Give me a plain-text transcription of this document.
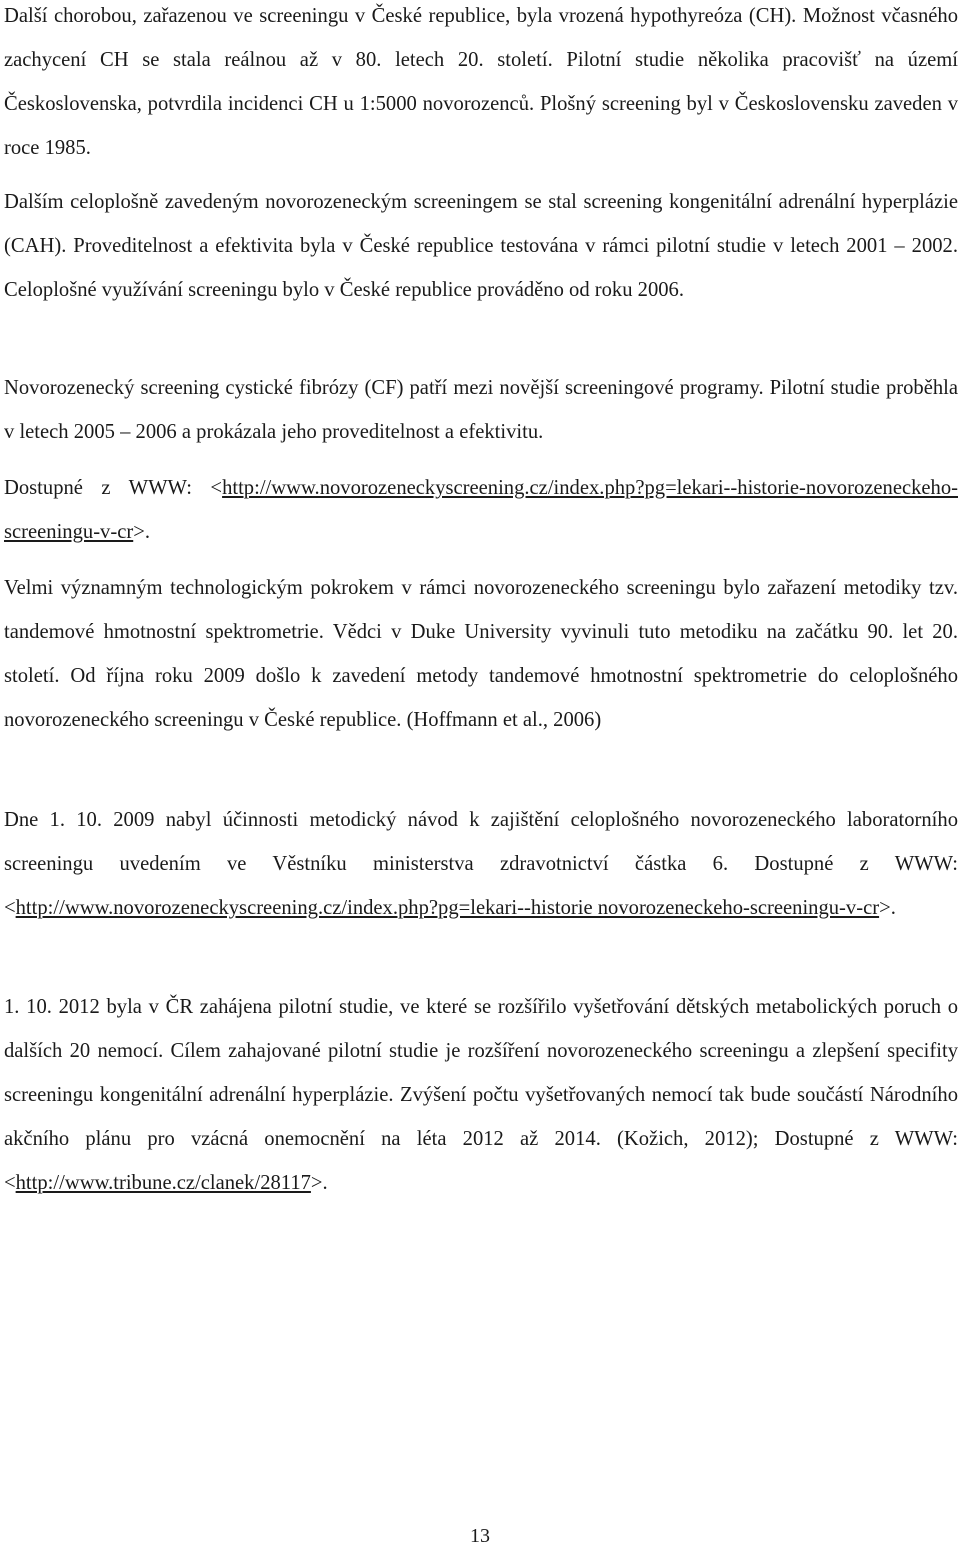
Další chorobou, zařazenou ve screeningu v České republice, byla vrozená hypothyreóza (CH). Možnost včasného zachycení CH se stala reálnou až v 80. letech 20. století. Pilotní studie několika pracovišť na území Československa, potvrdila incidenci CH u 1:5000 novorozenců. Plošný screening byl v Československu zaveden v roce 1985.

Dalším celoplošně zavedeným novorozeneckým screeningem se stal screening kongenitální adrenální hyperplázie (CAH). Proveditelnost a efektivita byla v České republice testována v rámci pilotní studie v letech 2001 – 2002. Celoplošné využívání screeningu bylo v České republice prováděno od roku 2006.

Novorozenecký screening cystické fibrózy (CF) patří mezi novější screeningové programy. Pilotní studie proběhla v letech 2005 – 2006 a prokázala jeho proveditelnost a efektivitu.

Dostupné z WWW: <http://www.novorozeneckyscreening.cz/index.php?pg=lekari--historie-novorozeneckeho-screeningu-v-cr>.

Velmi významným technologickým pokrokem v rámci novorozeneckého screeningu bylo zařazení metodiky tzv. tandemové hmotnostní spektrometrie. Vědci v Duke University vyvinuli tuto metodiku na začátku 90. let 20. století. Od října roku 2009 došlo k zavedení metody tandemové hmotnostní spektrometrie do celoplošného novorozeneckého screeningu v České republice. (Hoffmann et al., 2006)

Dne 1. 10. 2009 nabyl účinnosti metodický návod k zajištění celoplošného novorozeneckého laboratorního screeningu uvedením ve Věstníku ministerstva zdravotnictví částka 6. Dostupné z WWW:<http://www.novorozeneckyscreening.cz/index.php?pg=lekari--historie novorozeneckeho-screeningu-v-cr>.

1. 10. 2012 byla v ČR zahájena pilotní studie, ve které se rozšířilo vyšetřování dětských metabolických poruch o dalších 20 nemocí. Cílem zahajované pilotní studie je rozšíření novorozeneckého screeningu a zlepšení specifity screeningu kongenitální adrenální hyperplázie. Zvýšení počtu vyšetřovaných nemocí tak bude součástí Národního akčního plánu pro vzácná onemocnění na léta 2012 až 2014. (Kožich, 2012); Dostupné z WWW: <http://www.tribune.cz/clanek/28117>.

13
